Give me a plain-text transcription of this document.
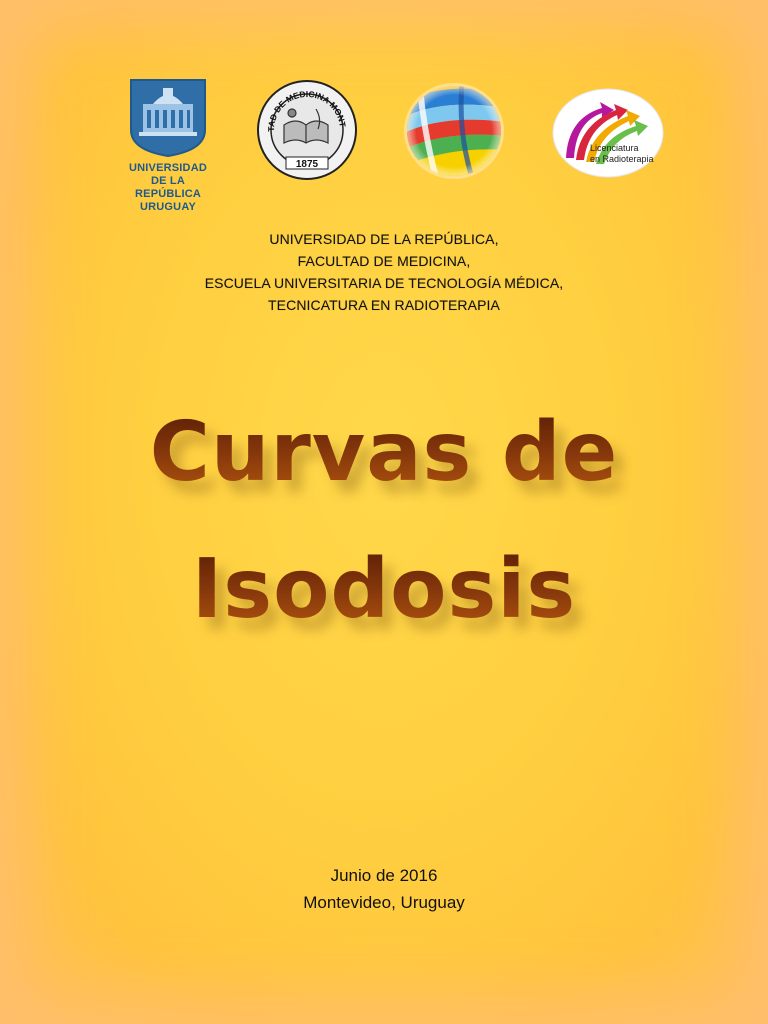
UNIVERSIDAD
DE LA REPÚBLICA
URUGUAY
TAD DE MEDICINA MONT
1875
Licenciatura
en Radioterapia
UNIVERSIDAD DE LA REPÚBLICA,
FACULTAD DE MEDICINA,
ESCUELA UNIVERSITARIA DE TECNOLOGÍA MÉDICA,
TECNICATURA EN RADIOTERAPIA
Curvas de
Isodosis
Junio de 2016
Montevideo, Uruguay
